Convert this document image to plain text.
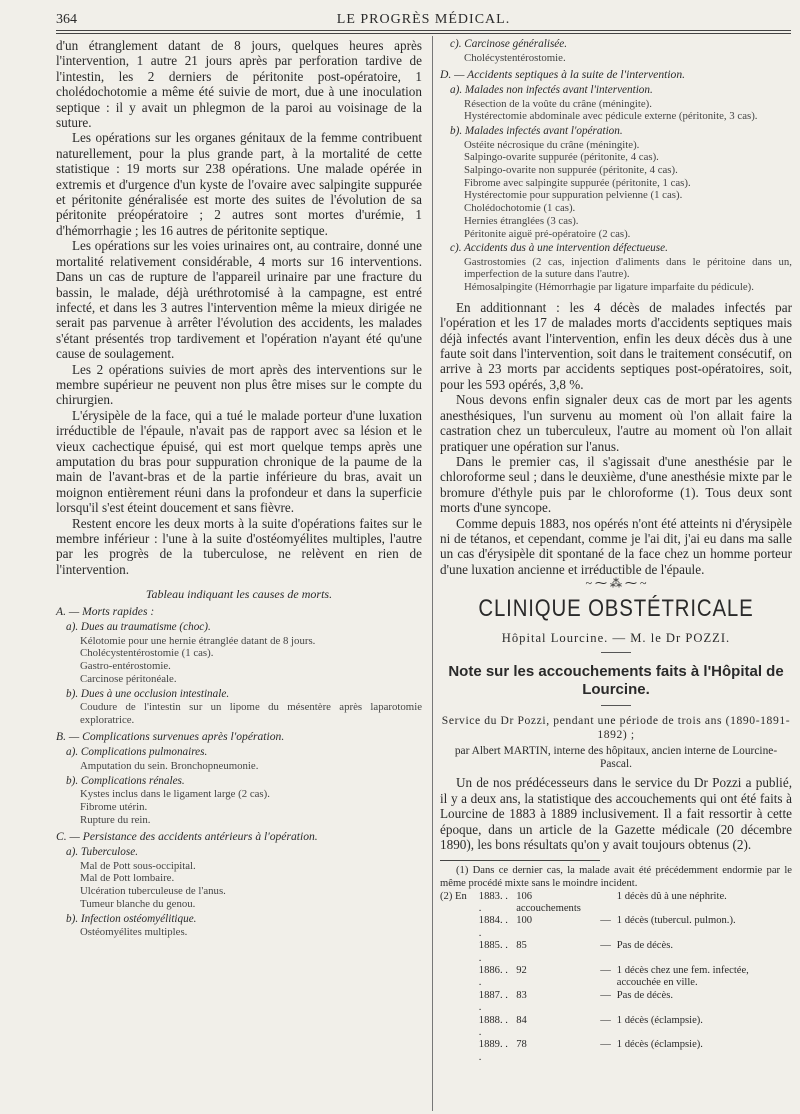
364	LE PROGRÈS MÉDICAL.

d'un étranglement datant de 8 jours, quelques heures après l'intervention, 1 autre 21 jours après par perforation tardive de l'intestin, les 2 derniers de péritonite post-opératoire, 1 cholédochotomie a même été suivie de mort, due à une inoculation septique : il y avait un phlegmon de la paroi au voisinage de la suture.

Les opérations sur les organes génitaux de la femme contribuent naturellement, pour la plus grande part, à la mortalité de cette statistique : 19 morts sur 238 opérations. Une malade opérée in extremis et d'urgence d'un kyste de l'ovaire avec salpingite suppurée et péritonite généralisée est morte des suites de l'évolution de sa péritonite préopératoire ; 2 autres sont mortes d'urémie, 1 d'hémorrhagie ; les 16 autres de péritonite septique.

Les opérations sur les voies urinaires ont, au contraire, donné une mortalité relativement considérable, 4 morts sur 16 interventions. Dans un cas de rupture de l'appareil urinaire par une fracture du bassin, le malade, déjà uréthrotomisé à la campagne, est entré infecté, et dans les 3 autres l'intervention même la mieux dirigée ne serait pas parvenue à arrêter l'évolution des accidents, les malades s'étant présentés trop tardivement et l'opération n'ayant été qu'une cause de soulagement.

Les 2 opérations suivies de mort après des interventions sur le membre supérieur ne peuvent non plus être mises sur le compte du chirurgien.

L'érysipèle de la face, qui a tué le malade porteur d'une luxation irréductible de l'épaule, n'avait pas de rapport avec sa lésion et le vieux cachectique épuisé, qui est mort quelque temps après une amputation du bras pour suppuration chronique de la paume de la main de l'avant-bras et de la partie inférieure du bras, avait un moignon entièrement réuni dans la profondeur et dans la superficie lorsqu'il s'est éteint doucement et sans fièvre.

Restent encore les deux morts à la suite d'opérations faites sur le membre inférieur : l'une à la suite d'ostéomyélites multiples, l'autre par les progrès de la tuberculose, ne relèvent en rien de l'intervention.

Tableau indiquant les causes de morts.
A. — Morts rapides :
a). Dues au traumatisme (choc).

Kélotomie pour une hernie étranglée datant de 8 jours.

Cholécystentérostomie (1 cas).

Gastro-entérostomie.

Carcinose péritonéale.

b). Dues à une occlusion intestinale.

Coudure de l'intestin sur un lipome du mésentère après laparotomie exploratrice.

B. — Complications survenues après l'opération.
a). Complications pulmonaires.

Amputation du sein. Bronchopneumonie.

b). Complications rénales.

Kystes inclus dans le ligament large (2 cas).

Fibrome utérin.

Rupture du rein.

C. — Persistance des accidents antérieurs à l'opération.
a). Tuberculose.

Mal de Pott sous-occipital.

Mal de Pott lombaire.

Ulcération tuberculeuse de l'anus.

Tumeur blanche du genou.

b). Infection ostéomyélitique.

Ostéomyélites multiples.

c). Carcinose généralisée.

Cholécystentérostomie.

D. — Accidents septiques à la suite de l'intervention.
a). Malades non infectés avant l'intervention.

Résection de la voûte du crâne (méningite).

Hystérectomie abdominale avec pédicule externe (péritonite, 3 cas).

b). Malades infectés avant l'opération.

Ostéite nécrosique du crâne (méningite).

Salpingo-ovarite suppurée (péritonite, 4 cas).

Salpingo-ovarite non suppurée (péritonite, 4 cas).

Fibrome avec salpingite suppurée (péritonite, 1 cas).

Hystérectomie pour suppuration pelvienne (1 cas).

Cholédochotomie (1 cas).

Hernies étranglées (3 cas).

Péritonite aiguë pré-opératoire (2 cas).

c). Accidents dus à une intervention défectueuse.

Gastrostomies (2 cas, injection d'aliments dans le péritoine dans un, imperfection de la suture dans l'autre).

Hémosalpingite (Hémorrhagie par ligature imparfaite du pédicule).

En additionnant : les 4 décès de malades infectés par l'opération et les 17 de malades morts d'accidents septiques mais déjà infectés avant l'intervention, enfin les deux décès dus à une faute soit dans l'intervention, soit dans le traitement consécutif, on arrive à 23 morts par accidents septiques post-opératoires, soit, pour les 593 opérés, 3,8 %.

Nous devons enfin signaler deux cas de mort par les agents anesthésiques, l'un survenu au moment où l'on allait faire la castration chez un tuberculeux, l'autre au moment où l'on allait pratiquer une opération sur l'anus.

Dans le premier cas, il s'agissait d'une anesthésie par le chloroforme seul ; dans le deuxième, d'une anesthésie mixte par le bromure d'éthyle puis par le chloroforme (1). Tous deux sont morts d'une syncope.

Comme depuis 1883, nos opérés n'ont été atteints ni d'érysipèle ni de tétanos, et cependant, comme je l'ai dit, j'ai eu dans ma salle un cas d'érysipèle dit spontané de la face chez un homme porteur d'une luxation ancienne et irréductible de l'épaule.

~ ⁓ ⁂ ⁓ ~
CLINIQUE OBSTÉTRICALE
Hôpital Lourcine. — M. le Dr POZZI.
Note sur les accouchements faits à l'Hôpital de Lourcine.
Service du Dr Pozzi, pendant une période de trois ans (1890-1891-1892) ;
par Albert MARTIN, interne des hôpitaux, ancien interne de Lourcine-Pascal.

Un de nos prédécesseurs dans le service du Dr Pozzi a publié, il y a deux ans, la statistique des accouchements qui ont été faits à Lourcine de 1883 à 1889 inclusivement. Il a fait ressortir à cette époque, dans un article de la Gazette médicale (20 décembre 1890), les bons résultats qu'on y avait toujours obtenus (2).

(1) Dans ce dernier cas, la malade avait été précédemment endormie par le même procédé mixte sans le moindre incident.

(2) En 1883. . .	106 accouchements		1 décès dû à une néphrite.
1884. . .	100	—	1 décès (tubercul. pulmon.).
1885. . .	85	—	Pas de décès.
1886. . .	92	—	1 décès chez une fem. infectée, accouchée en ville.
1887. . .	83	—	Pas de décès.
1888. . .	84	—	1 décès (éclampsie).
1889. . .	78	—	1 décès (éclampsie).
